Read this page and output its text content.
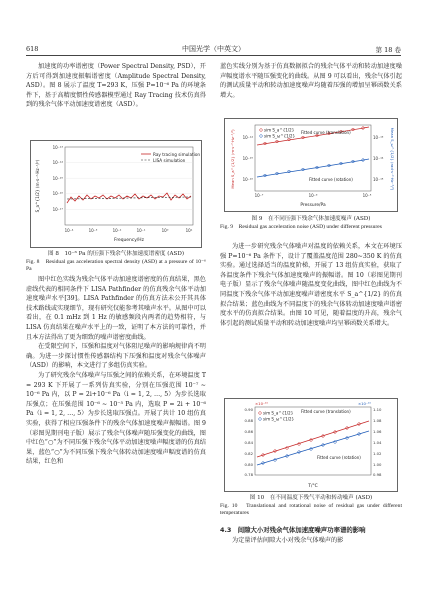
618	中国光学（中英文）	第 18 卷

加速度的功率谱密度（Power Spectral Density, PSD），开方后可得到加速度振幅谱密度（Amplitude Spectral Density, ASD）。图 8 展示了温度 T=293 K，压强 P=10⁻⁶ Pa 的环境条件下，基于高精度惯性传感器模型通过 Ray Tracing 技术仿真得到的残余气体平动加速度谱密度（ASD）。

Ray tracing simulation
LISA simulation
10⁻¹³
10⁻¹⁴
10⁻¹⁵
10⁻¹⁶
10⁻¹⁷
10⁻⁴	10⁻³	10⁻²	10⁻¹	10⁰	10¹
Frequency/Hz
S_a^{1/2} (m·s⁻²·Hz⁻¹/²)

图 8　10⁻⁶ Pa 的压强下残余气体加速度谱密度 (ASD)

Fig. 8　Residual gas acceleration spectral density (ASD) at a pressure of 10⁻⁶ Pa

图中红色实线为残余气体平动加速度谱密度的仿真结果，黑色虚线代表的相同条件下 LISA Pathfinder 的仿真残余气体平动加速度噪声水平[39]。LISA Pathfinder 的仿真方法未公开其具体技术路线或实现细节，现有研究仅能参考其噪声水平。从图中可以看出，在 0.1 mHz 到 1 Hz 的敏感频段内两者的趋势相符，与 LISA 仿真结果在噪声水平上的一致，证明了本方法的可靠性，并且本方法得出了更为细致的噪声谱密度曲线。

在受限空间下，压强和温度对气体阻尼噪声的影响规律尚不明确。为进一步探讨惯性传感器结构下压强和温度对残余气体噪声（ASD）的影响，本文进行了多组仿真实验。

为了研究残余气体噪声与压强之间的依赖关系，在环境温度 T = 293 K 下开展了一系列仿真实验，分别在压强范围 10⁻⁷ ~ 10⁻⁶ Pa 内，以 P = 2i+10⁻⁶ Pa（i = 1, 2, …, 5）为步长选取压强点；在压强范围 10⁻⁶ ~ 10⁻⁵ Pa 内，选取 P = 2i + 10⁻⁶ Pa（i = 1, 2, …, 5）为步长选取压强点。开展了共计 10 组仿真实验，获得了相应压强条件下的残余气体加速度噪声振幅谱。图 9（彩图见期刊电子版）展示了残余气体噪声随压强变化的曲线，图中红色“○”为不同压强下残余气体平动加速度噪声幅度谱的仿真结果，蓝色“○”为不同压强下残余气体转动加速度噪声幅度谱的仿真结果，红色和

蓝色实线分别为基于仿真数据拟合的残余气体平动和转动加速度噪声幅度谱水平随压强变化的曲线。从图 9 可以看出，残余气体引起的测试质量平动和转动加速度噪声均随着压强的增加呈幂函数关系增大。

sim S_a^{1/2}
sim S_ω^{1/2}
Fitted curve (translation)
Fitted curve (rotation)
10⁻¹⁴
10⁻¹⁵
10⁻¹⁶
10⁻¹³
10⁻¹⁴
10⁻¹⁵
10⁻⁷	10⁻⁶	10⁻⁵
Pressure/Pa
Mean S_a^{1/2} (m·s⁻²·Hz⁻¹/²)	Mean S_ω^{1/2} (rad·s⁻²·Hz⁻¹/²)

图 9　在不同压强下残余气体加速度噪声 (ASD)

Fig. 9　Residual gas acceleration noise (ASD) under different pressures

为进一步研究残余气体噪声对温度的依赖关系，本文在环境压强 P=10⁻⁶ Pa 条件下，设计了覆盖温度范围 280~350 K 的仿真实验。通过选择适当的温度阶梯，开展了 13 组仿真实验，获取了各温度条件下残余气体加速度噪声的振幅谱。图 10（彩图见期刊电子版）显示了残余气体噪声随温度变化曲线，图中红色曲线为不同温度下残余气体平动加速度噪声谱密度水平 S_a^{1/2} 的仿真拟合结果；蓝色曲线为不同温度下的残余气体转动加速度噪声谱密度水平的仿真拟合结果。由图 10 可见，随着温度的升高，残余气体引起的测试质量平动和转动加速度噪声均呈幂函数关系增大。

×10⁻¹⁵	×10⁻¹⁵
sim S_a^{1/2}
sim S_ω^{1/2}
Fitted curve (translation)
Fitted curve (rotation)
0.90
0.88
0.86
0.84
0.82
0.80
0.78
1.10
1.08
1.06
1.04
1.02
1.00
0.98
T/°C

图 10　在不同温度下残气平动和转动噪声 (ASD)

Fig. 10　Translational and rotational noise of residual gas under different temperatures

4.3　间隙大小对残余气体加速度噪声功率谱的影响

为定量评估间隙大小对残余气体噪声的影
